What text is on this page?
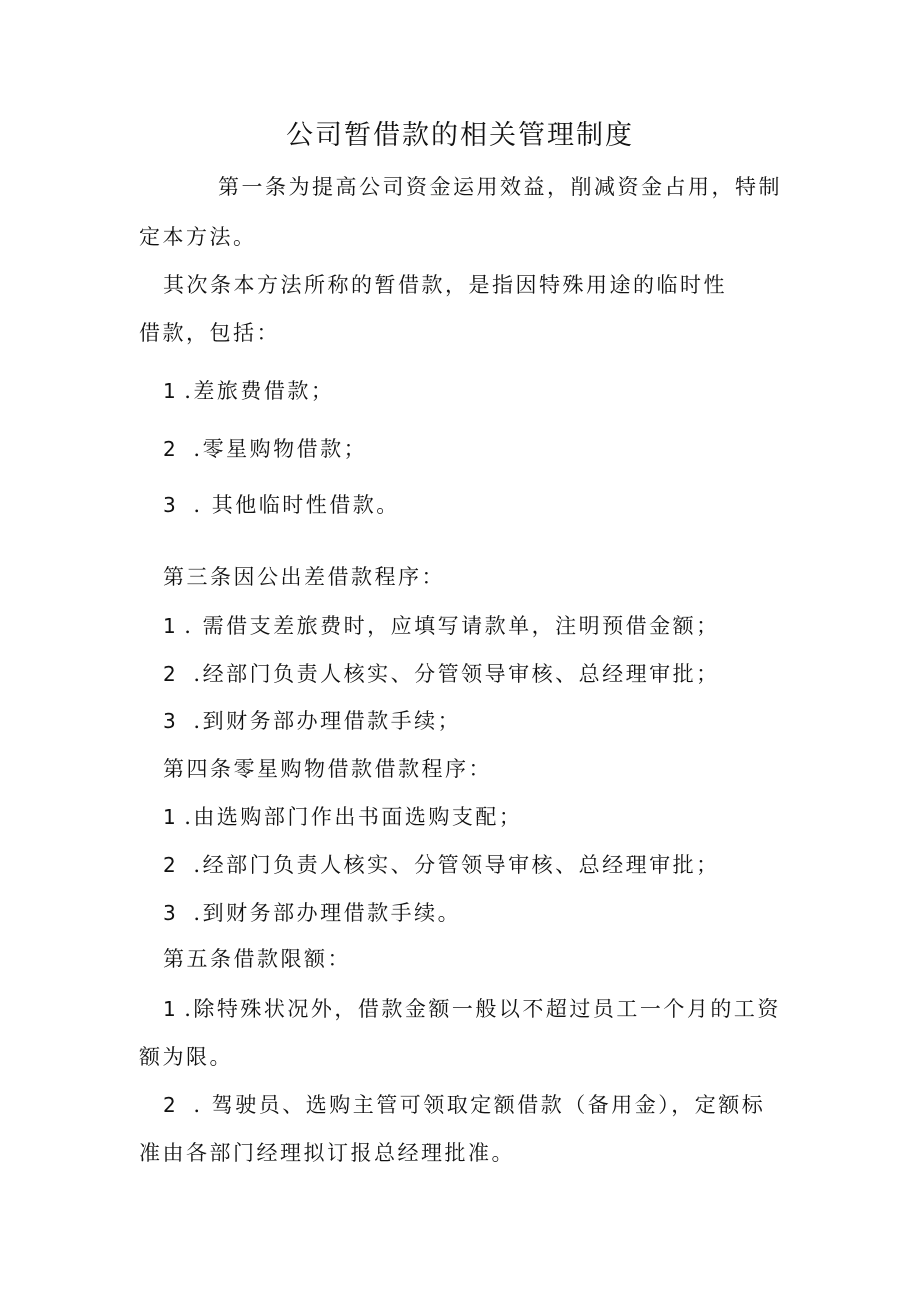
公司暂借款的相关管理制度
第一条为提高公司资金运用效益，削减资金占用，特制
定本方法。
其次条本方法所称的暂借款，是指因特殊用途的临时性
借款，包括：
1 .差旅费借款；
2 .零星购物借款；
3 . 其他临时性借款。
第三条因公出差借款程序：
1 . 需借支差旅费时，应填写请款单，注明预借金额；
2 .经部门负责人核实、分管领导审核、总经理审批；
3 .到财务部办理借款手续；
第四条零星购物借款借款程序：
1 .由选购部门作出书面选购支配；
2 .经部门负责人核实、分管领导审核、总经理审批；
3 .到财务部办理借款手续。
第五条借款限额：
1 .除特殊状况外，借款金额一般以不超过员工一个月的工资
额为限。
2 . 驾驶员、选购主管可领取定额借款（备用金），定额标
准由各部门经理拟订报总经理批准。
